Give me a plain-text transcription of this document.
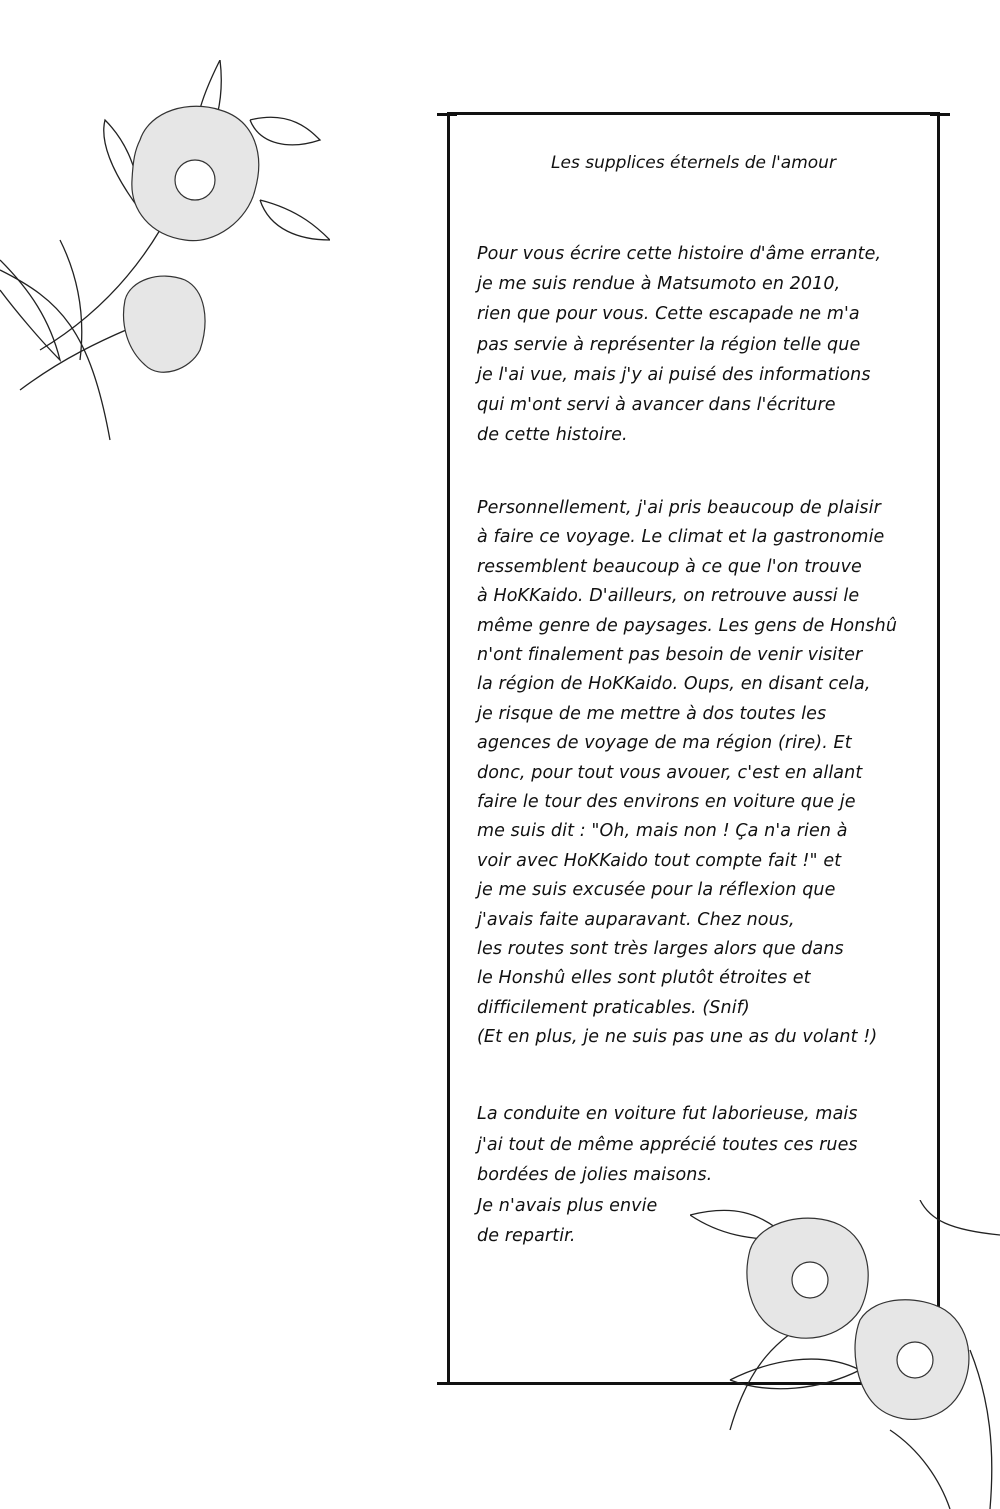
Les supplices éternels de l'amour
Pour vous écrire cette histoire d'âme errante,
je me suis rendue à Matsumoto en 2010,
rien que pour vous. Cette escapade ne m'a
pas servie à représenter la région telle que
je l'ai vue, mais j'y ai puisé des informations
qui m'ont servi à avancer dans l'écriture
de cette histoire.
Personnellement, j'ai pris beaucoup de plaisir
à faire ce voyage. Le climat et la gastronomie
ressemblent beaucoup à ce que l'on trouve
à HoKKaido. D'ailleurs, on retrouve aussi le
même genre de paysages. Les gens de Honshû
n'ont finalement pas besoin de venir visiter
la région de HoKKaido. Oups, en disant cela,
je risque de me mettre à dos toutes les
agences de voyage de ma région (rire). Et
donc, pour tout vous avouer, c'est en allant
faire le tour des environs en voiture que je
me suis dit : "Oh, mais non ! Ça n'a rien à
voir avec HoKKaido tout compte fait !" et
je me suis excusée pour la réflexion que
j'avais faite auparavant. Chez nous,
les routes sont très larges alors que dans
le Honshû elles sont plutôt étroites et
difficilement praticables. (Snif)
(Et en plus, je ne suis pas une as du volant !)
La conduite en voiture fut laborieuse, mais
j'ai tout de même apprécié toutes ces rues
bordées de jolies maisons.
Je n'avais plus envie
de repartir.
